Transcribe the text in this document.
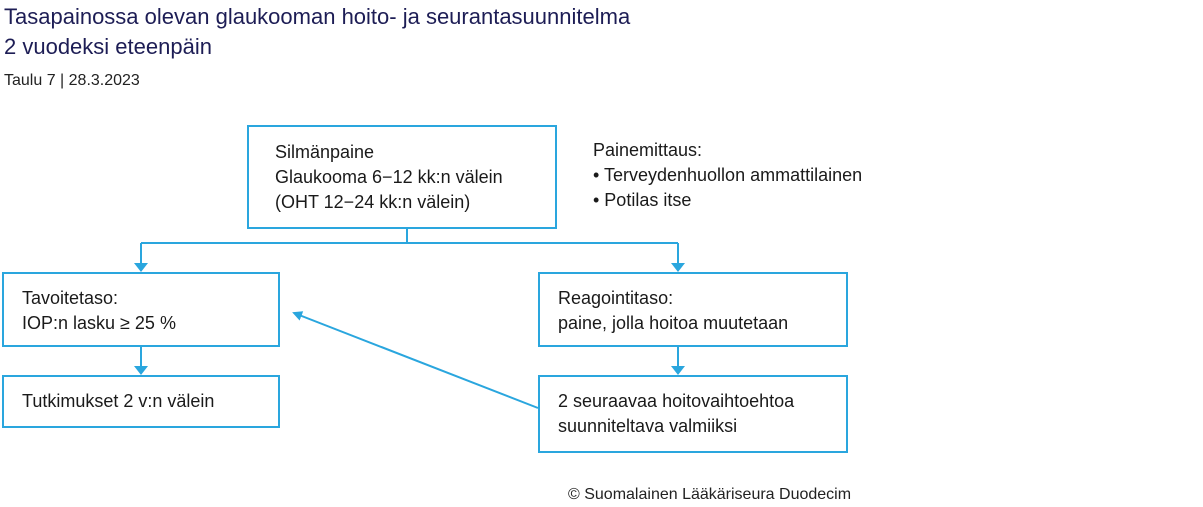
Tasapainossa olevan glaukooman hoito- ja seurantasuunnitelma
2 vuodeksi eteenpäin
Taulu 7 | 28.3.2023
Silmänpaine
Glaukooma 6−12 kk:n välein
(OHT 12−24 kk:n välein)
Painemittaus:
• Terveydenhuollon ammattilainen
• Potilas itse
Tavoitetaso:
IOP:n lasku ≥ 25 %
Reagointitaso:
paine, jolla hoitoa muutetaan
Tutkimukset 2 v:n välein	2 seuraavaa hoitovaihtoehtoa
suunniteltava valmiiksi
© Suomalainen Lääkäriseura Duodecim
